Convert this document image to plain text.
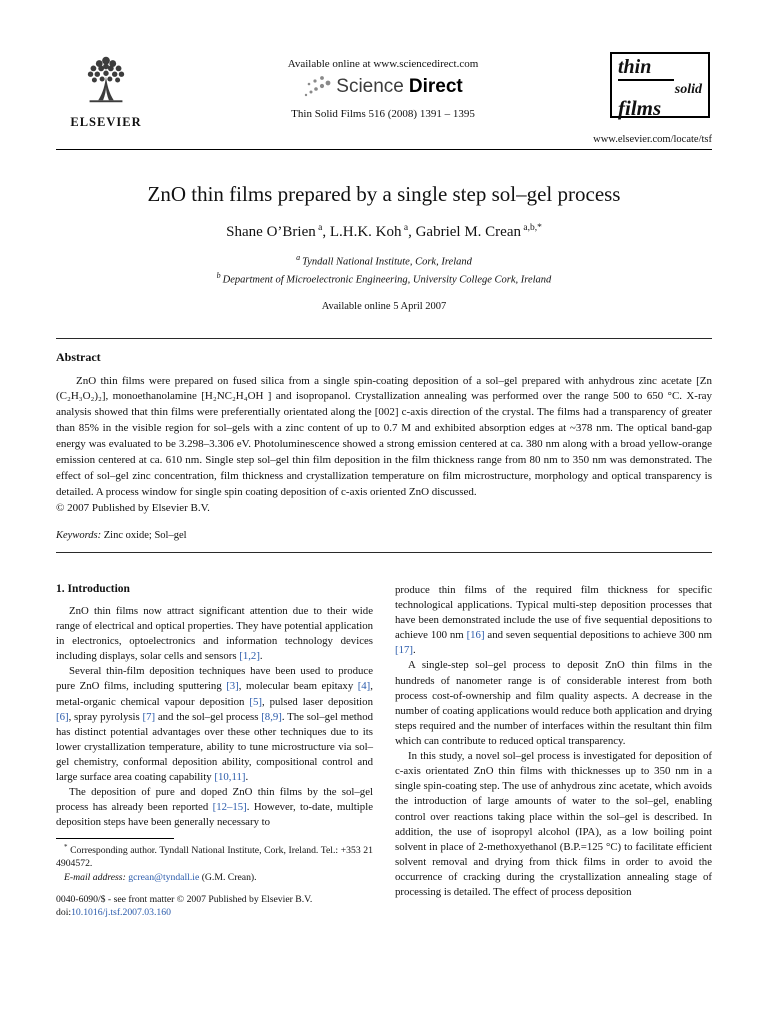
ELSEVIER
Available online at www.sciencedirect.com
Science Direct
Thin Solid Films 516 (2008) 1391 – 1395
thin
solid
films
www.elsevier.com/locate/tsf
ZnO thin films prepared by a single step sol–gel process
Shane O’Brien $^a$, L.H.K. Koh $^a$, Gabriel M. Crean $^{a,b,*}$
$^a$ Tyndall National Institute, Cork, Ireland
$^b$ Department of Microelectronic Engineering, University College Cork, Ireland
Available online 5 April 2007
Abstract

ZnO thin films were prepared on fused silica from a single spin-coating deposition of a sol–gel prepared with anhydrous zinc acetate [Zn (C₂H₃O₂)₂], monoethanolamine [H₂NC₂H₄OH ] and isopropanol. Crystallization annealing was performed over the range 500 to 650 °C. X-ray analysis showed that thin films were preferentially orientated along the [002] c-axis direction of the crystal. The films had a transparency of greater than 85% in the visible region for sol–gels with a zinc content of up to 0.7 M and exhibited absorption edges at ~378 nm. The optical band-gap energy was evaluated to be 3.298–3.306 eV. Photoluminescence showed a strong emission centered at ca. 380 nm along with a broad yellow-orange emission centered at ca. 610 nm. Single step sol–gel thin film deposition in the film thickness range from 80 nm to 350 nm was demonstrated. The effect of sol–gel zinc concentration, film thickness and crystallization temperature on film microstructure, morphology and optical transparency is detailed. A process window for single spin coating deposition of c-axis oriented ZnO discussed.

© 2007 Published by Elsevier B.V.

Keywords: Zinc oxide; Sol–gel

1. Introduction

ZnO thin films now attract significant attention due to their wide range of electrical and optical properties. They have potential application in electronics, optoelectronics and information technology devices including displays, solar cells and sensors [1,2].

Several thin-film deposition techniques have been used to produce pure ZnO films, including sputtering [3], molecular beam epitaxy [4], metal-organic chemical vapour deposition [5], pulsed laser deposition [6], spray pyrolysis [7] and the sol–gel process [8,9]. The sol–gel method has distinct potential advantages over these other techniques due to its lower crystallization temperature, ability to tune microstructure via sol–gel chemistry, conformal deposition ability, compositional control and large surface area coating capability [10,11].

The deposition of pure and doped ZnO thin films by the sol–gel process has already been reported [12–15]. However, to-date, multiple deposition steps have been generally necessary to

* Corresponding author. Tyndall National Institute, Cork, Ireland. Tel.: +353 21 4904572.

E-mail address: gcrean@tyndall.ie (G.M. Crean).

0040-6090/$ - see front matter © 2007 Published by Elsevier B.V.

doi:10.1016/j.tsf.2007.03.160

produce thin films of the required film thickness for specific technological applications. Typical multi-step deposition processes that have been demonstrated include the use of five sequential depositions to achieve 100 nm [16] and seven sequential depositions to achieve 300 nm [17].

A single-step sol–gel process to deposit ZnO thin films in the hundreds of nanometer range is of considerable interest from both process cost-of-ownership and film quality aspects. A decrease in the number of coating applications would reduce both application and drying steps required and the number of interfaces within the resultant thin film which can contribute to reduced optical transparency.

In this study, a novel sol–gel process is investigated for deposition of c-axis orientated ZnO thin films with thicknesses up to 350 nm in a single spin-coating step. The use of anhydrous zinc acetate, which avoids the introduction of large amounts of water to the sol–gel, enabling control over reactions taking place within the sol–gel is described. In addition, the use of isopropyl alcohol (IPA), as a low boiling point solvent in place of 2-methoxyethanol (B.P.=125 °C) to facilitate efficient solvent removal and drying from thick films in order to avoid the occurrence of cracking during the crystallization annealing stage of processing is detailed. The effect of process deposition
